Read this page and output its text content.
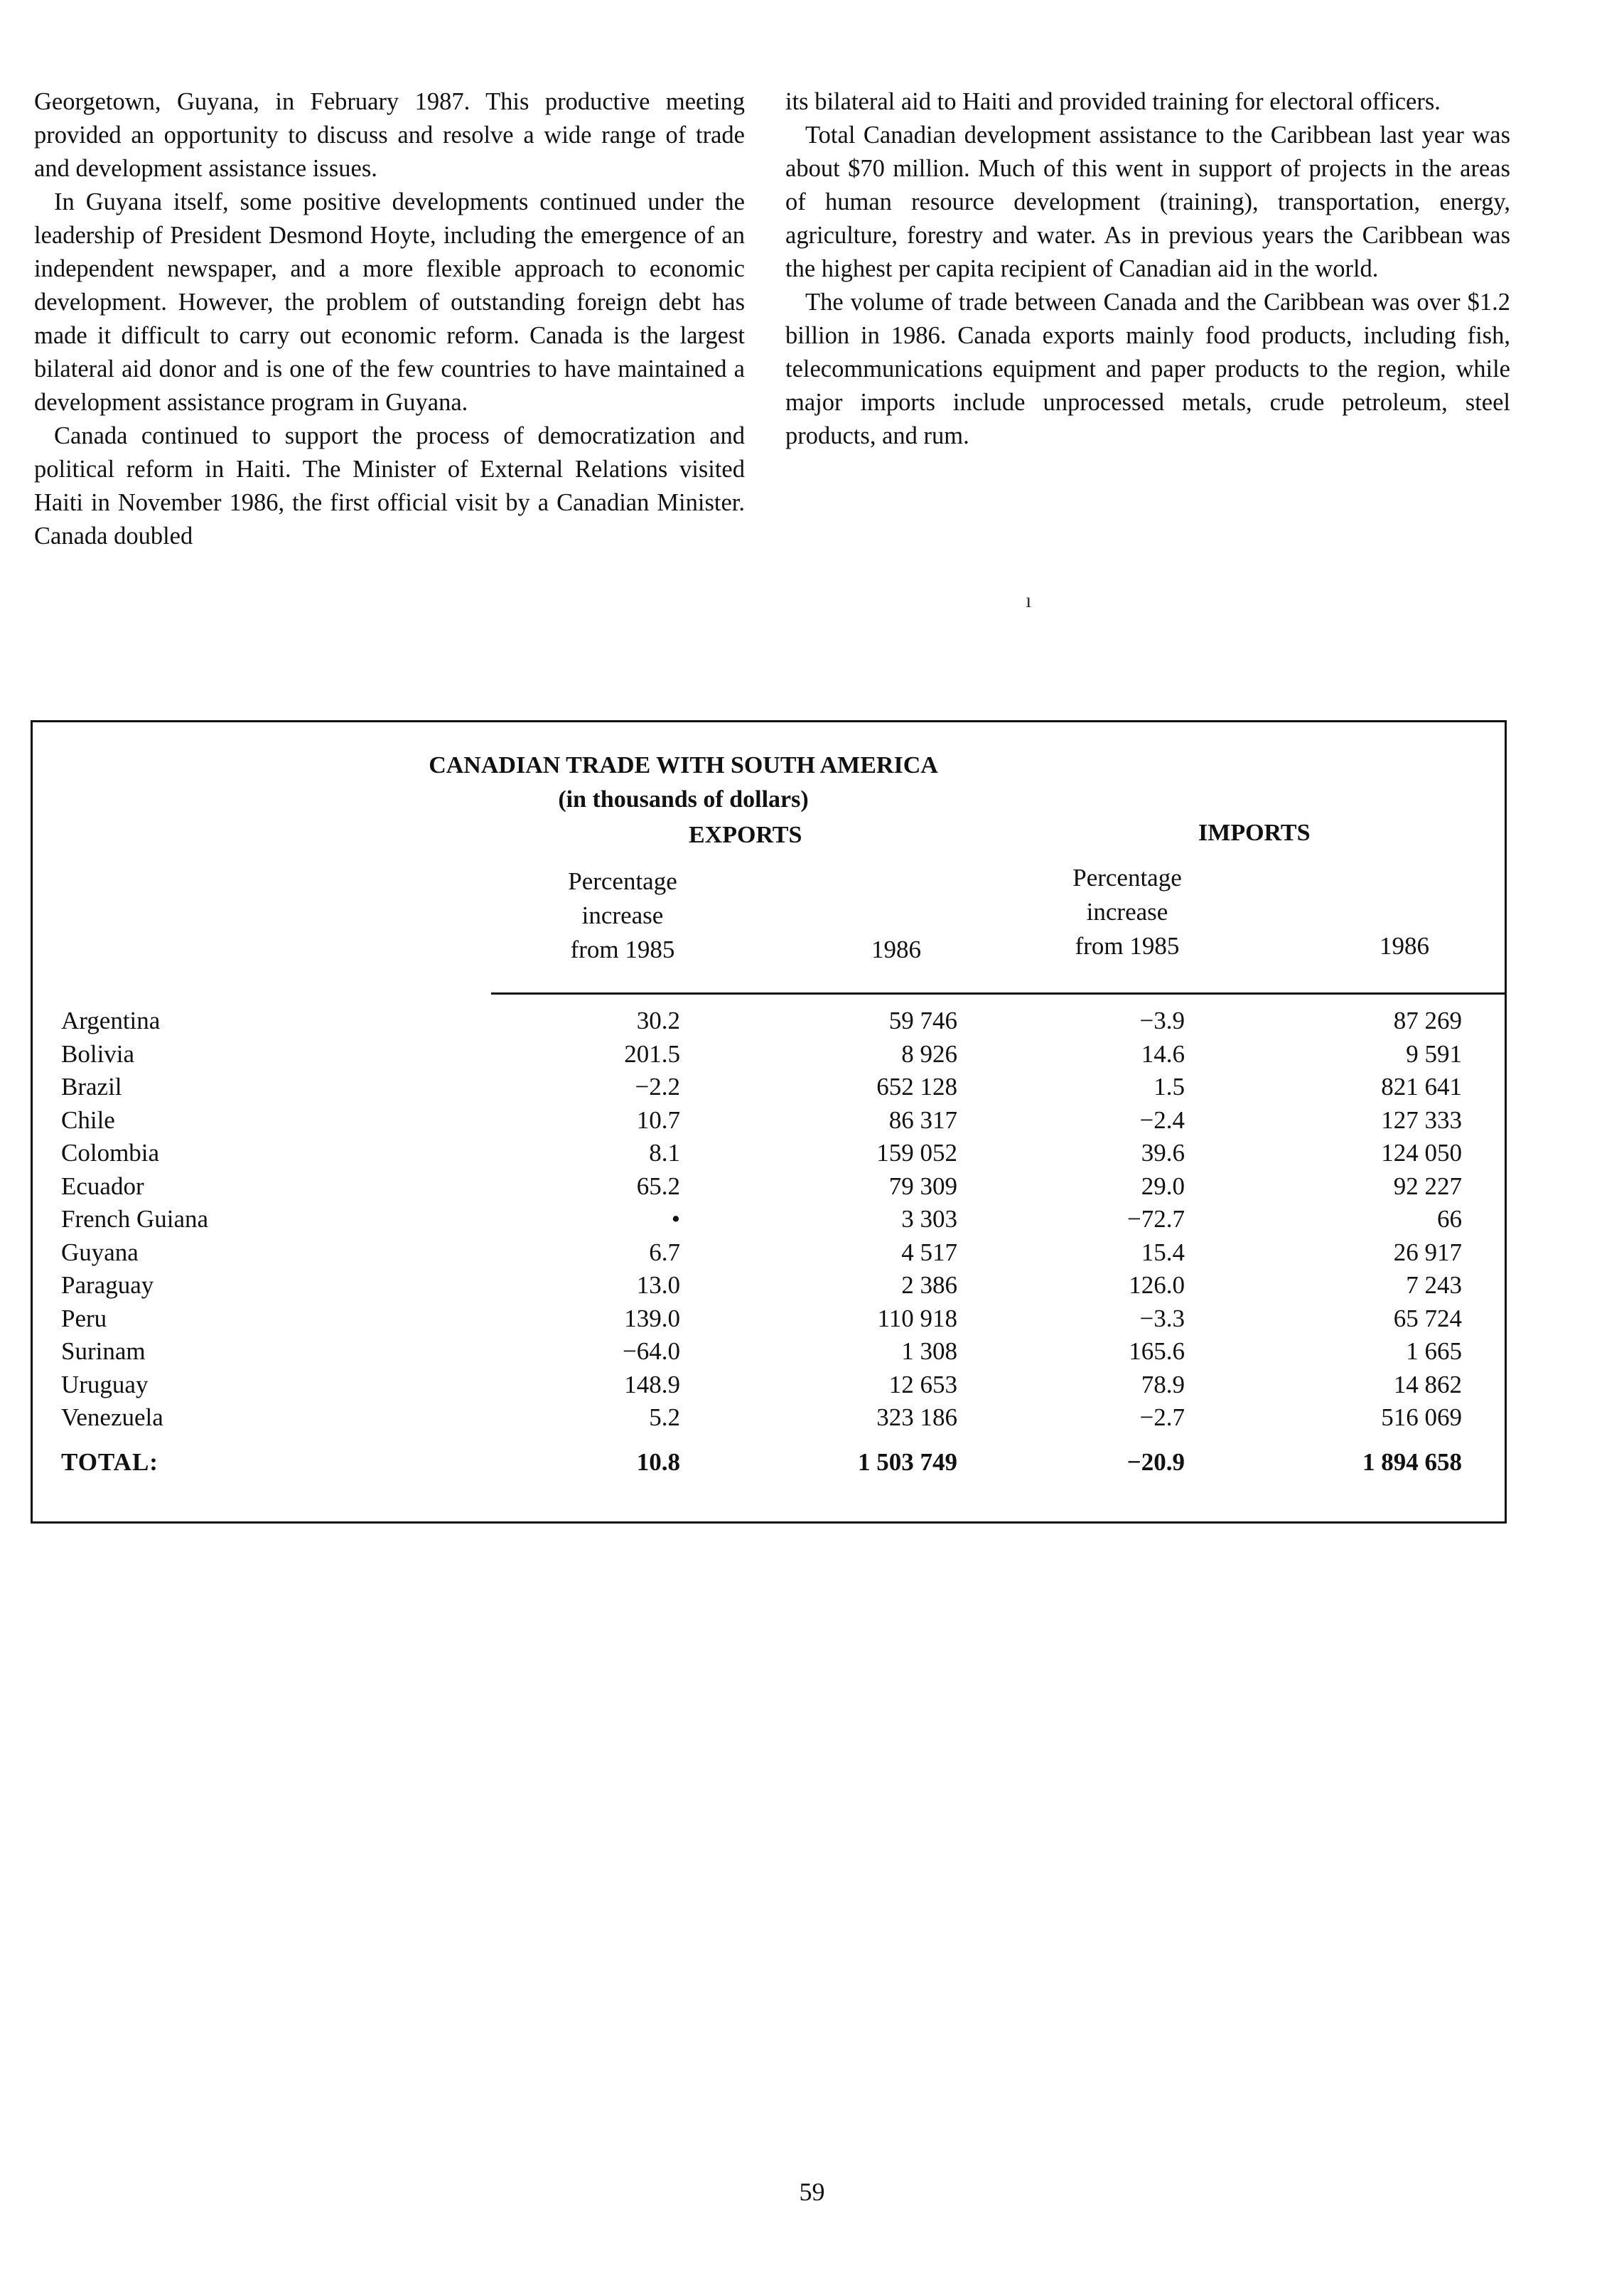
Georgetown, Guyana, in February 1987. This productive meeting provided an opportunity to discuss and resolve a wide range of trade and development assistance issues.

In Guyana itself, some positive developments continued under the leadership of President Desmond Hoyte, including the emergence of an independent newspaper, and a more flexible approach to economic development. However, the problem of outstanding foreign debt has made it difficult to carry out economic reform. Canada is the largest bilateral aid donor and is one of the few countries to have maintained a development assistance program in Guyana.

Canada continued to support the process of democratization and political reform in Haiti. The Minister of External Relations visited Haiti in November 1986, the first official visit by a Canadian Minister. Canada doubled

its bilateral aid to Haiti and provided training for electoral officers.

Total Canadian development assistance to the Caribbean last year was about $70 million. Much of this went in support of projects in the areas of human resource development (training), transportation, energy, agriculture, forestry and water. As in previous years the Caribbean was the highest per capita recipient of Canadian aid in the world.

The volume of trade between Canada and the Caribbean was over $1.2 billion in 1986. Canada exports mainly food products, including fish, telecommunications equipment and paper products to the region, while major imports include unprocessed metals, crude petroleum, steel products, and rum.

ı
CANADIAN TRADE WITH SOUTH AMERICA
(in thousands of dollars)
EXPORTS	IMPORTS
Percentage
increase
from 1985	1986
Percentage
increase
from 1985	1986
Argentina	30.2	59 746	−3.9	87 269
Bolivia	201.5	8 926	14.6	9 591
Brazil	−2.2	652 128	1.5	821 641
Chile	10.7	86 317	−2.4	127 333
Colombia	8.1	159 052	39.6	124 050
Ecuador	65.2	79 309	29.0	92 227
French Guiana	•	3 303	−72.7	66
Guyana	6.7	4 517	15.4	26 917
Paraguay	13.0	2 386	126.0	7 243
Peru	139.0	110 918	−3.3	65 724
Surinam	−64.0	1 308	165.6	1 665
Uruguay	148.9	12 653	78.9	14 862
Venezuela	5.2	323 186	−2.7	516 069
TOTAL:	10.8	1 503 749	−20.9	1 894 658
59
